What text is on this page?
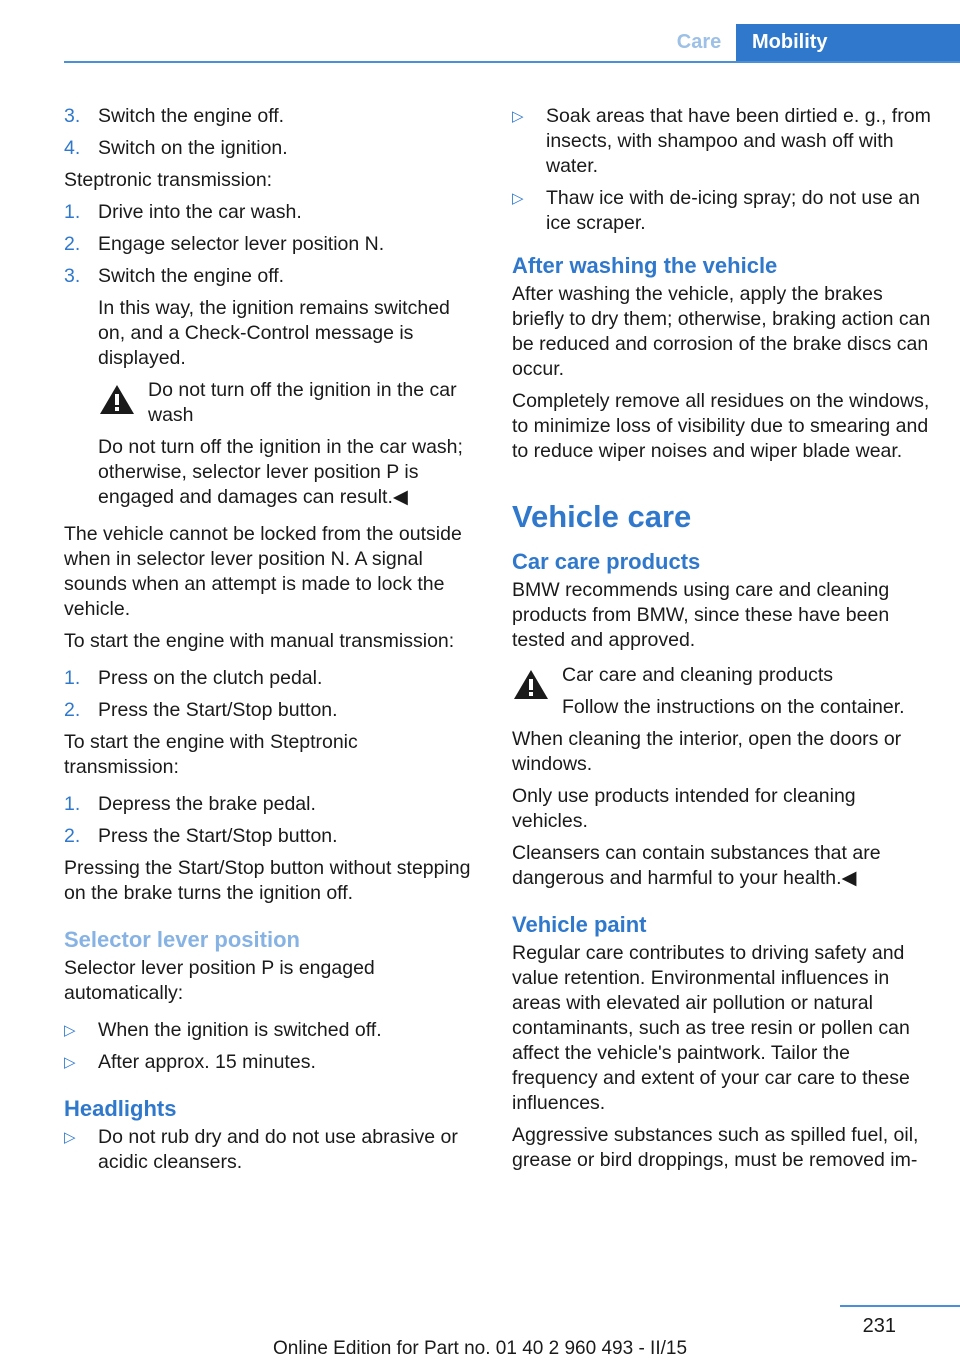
Care	Mobility
3. Switch the engine off.
4. Switch on the ignition.
Steptronic transmission:
1. Drive into the car wash.
2. Engage selector lever position N.
3. Switch the engine off.
In this way, the ignition remains switched on, and a Check-Control message is displayed.
Do not turn off the ignition in the car wash
Do not turn off the ignition in the car wash; otherwise, selector lever position P is engaged and damages can result.◀
The vehicle cannot be locked from the outside when in selector lever position N. A signal sounds when an attempt is made to lock the vehicle.
To start the engine with manual transmission:
1. Press on the clutch pedal.
2. Press the Start/Stop button.
To start the engine with Steptronic transmission:
1. Depress the brake pedal.
2. Press the Start/Stop button.
Pressing the Start/Stop button without stepping on the brake turns the ignition off.
Selector lever position
Selector lever position P is engaged automatically:
▷	When the ignition is switched off.
▷	After approx. 15 minutes.
Headlights
▷	Do not rub dry and do not use abrasive or acidic cleansers.
▷	Soak areas that have been dirtied e. g., from insects, with shampoo and wash off with water.
▷	Thaw ice with de-icing spray; do not use an ice scraper.
After washing the vehicle
After washing the vehicle, apply the brakes briefly to dry them; otherwise, braking action can be reduced and corrosion of the brake discs can occur.
Completely remove all residues on the windows, to minimize loss of visibility due to smearing and to reduce wiper noises and wiper blade wear.
Vehicle care
Car care products
BMW recommends using care and cleaning products from BMW, since these have been tested and approved.
Car care and cleaning products
Follow the instructions on the container.
When cleaning the interior, open the doors or windows.
Only use products intended for cleaning vehicles.
Cleansers can contain substances that are dangerous and harmful to your health.◀
Vehicle paint
Regular care contributes to driving safety and value retention. Environmental influences in areas with elevated air pollution or natural contaminants, such as tree resin or pollen can affect the vehicle's paintwork. Tailor the frequency and extent of your car care to these influences.
Aggressive substances such as spilled fuel, oil, grease or bird droppings, must be removed im-
231
Online Edition for Part no. 01 40 2 960 493 - II/15
